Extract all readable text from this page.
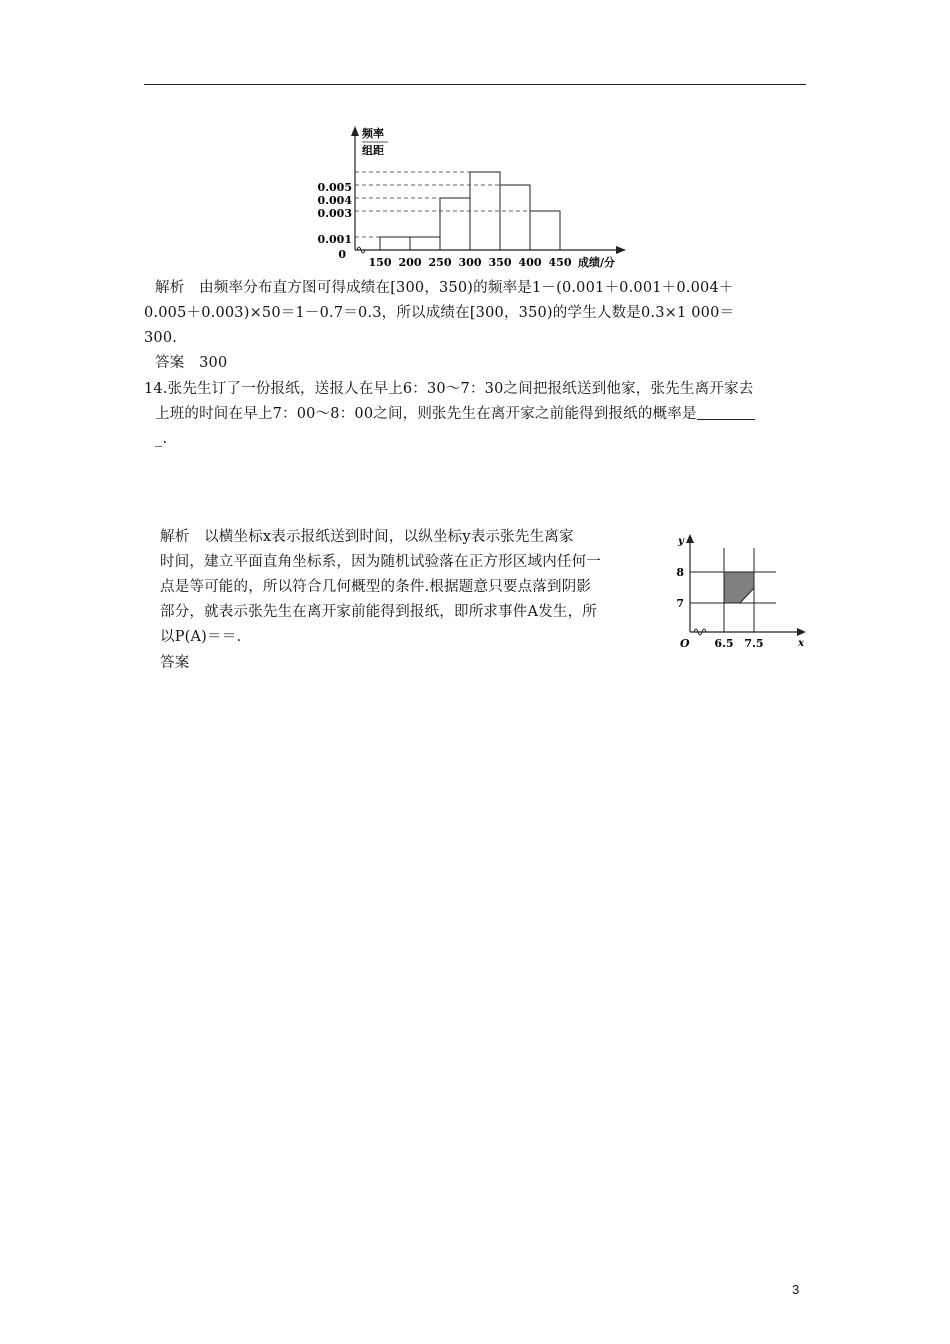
频率
组距
0
0.005
0.004
0.003
0.001
150 200 250 300 350 400 450 成绩/分
解析　由频率分布直方图可得成绩在[300，350)的频率是1－(0.001＋0.001＋0.004＋
0.005＋0.003)×50＝1－0.7＝0.3，所以成绩在[300，350)的学生人数是0.3×1 000＝
300.
答案　300
14.张先生订了一份报纸，送报人在早上6：30～7：30之间把报纸送到他家，张先生离开家去
上班的时间在早上7：00～8：00之间，则张先生在离开家之前能得到报纸的概率是
_.
解析　以横坐标x表示报纸送到时间，以纵坐标y表示张先生离家
时间，建立平面直角坐标系，因为随机试验落在正方形区域内任何一
点是等可能的，所以符合几何概型的条件.根据题意只要点落到阴影
部分，就表示张先生在离开家前能得到报纸，即所求事件A发生，所
以P(A)＝＝.
答案
y
x
O
8
7
6.5 7.5
3
